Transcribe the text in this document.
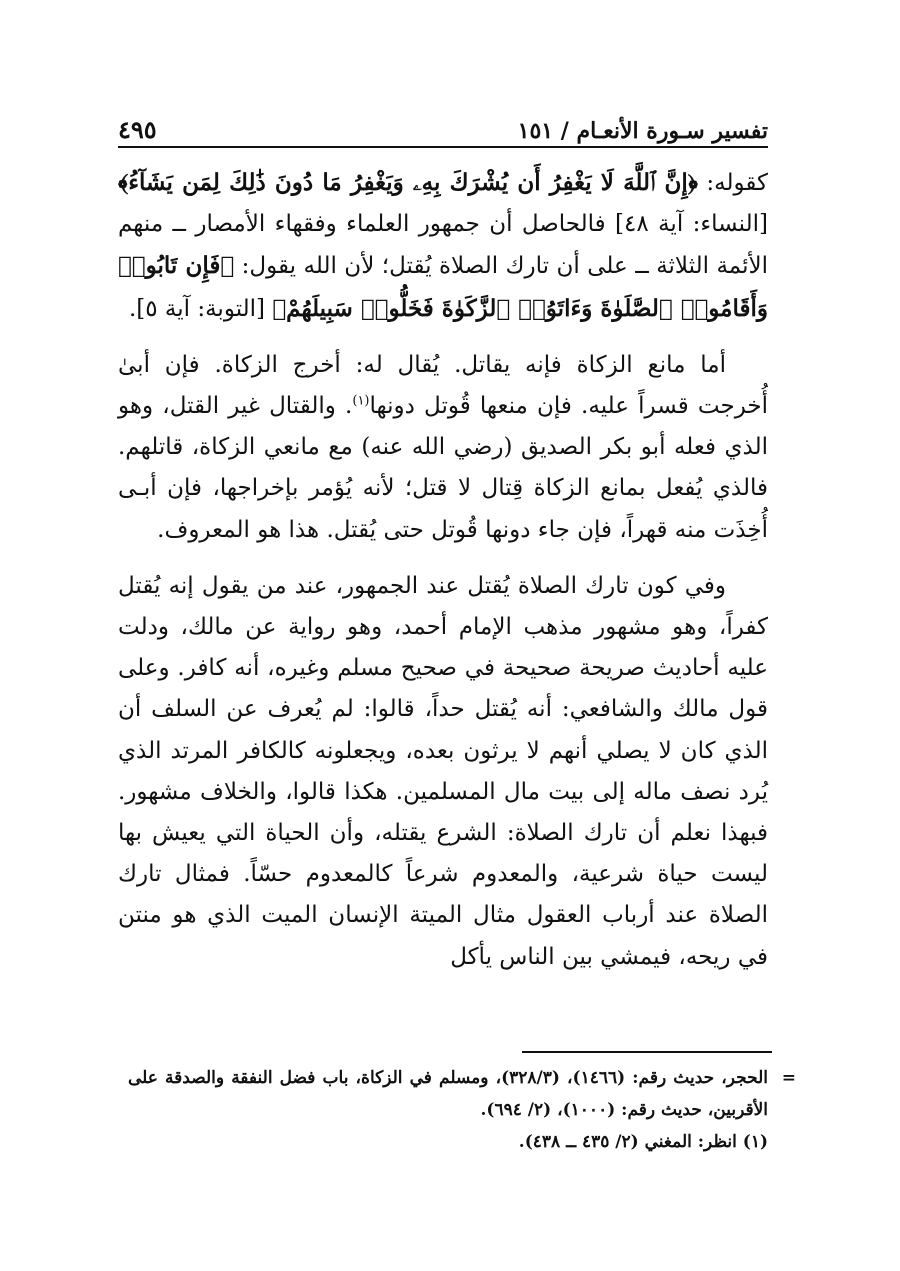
تفسير سـورة الأنعـام / ١٥١
٤٩٥

كقوله: ﴿إِنَّ ٱللَّهَ لَا يَغْفِرُ أَن يُشْرَكَ بِهِۦ وَيَغْفِرُ مَا دُونَ ذَٰلِكَ لِمَن يَشَآءُ﴾ [النساء: آية ٤٨] فالحاصل أن جمهور العلماء وفقهاء الأمصار ــ منهم الأئمة الثلاثة ــ على أن تارك الصلاة يُقتل؛ لأن الله يقول: ﴿فَإِن تَابُوا۟ وَأَقَامُوا۟ ٱلصَّلَوٰةَ وَءَاتَوُا۟ ٱلزَّكَوٰةَ فَخَلُّوا۟ سَبِيلَهُمْ﴾ [التوبة: آية ٥].

أما مانع الزكاة فإنه يقاتل. يُقال له: أخرج الزكاة. فإن أبىٰ أُخرجت قسراً عليه. فإن منعها قُوتل دونها$^{(١)}$. والقتال غير القتل، وهو الذي فعله أبو بكر الصديق (رضي الله عنه) مع مانعي الزكاة، قاتلهم. فالذي يُفعل بمانع الزكاة قِتال لا قتل؛ لأنه يُؤمر بإخراجها، فإن أبـى أُخِذَت منه قهراً، فإن جاء دونها قُوتل حتى يُقتل. هذا هو المعروف.

وفي كون تارك الصلاة يُقتل عند الجمهور، عند من يقول إنه يُقتل كفراً، وهو مشهور مذهب الإمام أحمد، وهو رواية عن مالك، ودلت عليه أحاديث صريحة صحيحة في صحيح مسلم وغيره، أنه كافر. وعلى قول مالك والشافعي: أنه يُقتل حداً، قالوا: لم يُعرف عن السلف أن الذي كان لا يصلي أنهم لا يرثون بعده، ويجعلونه كالكافر المرتد الذي يُرد نصف ماله إلى بيت مال المسلمين. هكذا قالوا، والخلاف مشهور. فبهذا نعلم أن تارك الصلاة: الشرع يقتله، وأن الحياة التي يعيش بها ليست حياة شرعية، والمعدوم شرعاً كالمعدوم حسّاً. فمثال تارك الصلاة عند أرباب العقول مثال الميتة الإنسان الميت الذي هو منتن في ريحه، فيمشي بين الناس يأكل

=
الحجر، حديث رقم: (١٤٦٦)، (٣٢٨/٣)، ومسلم في الزكاة، باب فضل النفقة والصدقة على الأقربين، حديث رقم: (١٠٠٠)، (٢/ ٦٩٤).

(١) انظر: المغني (٢/ ٤٣٥ ــ ٤٣٨).
